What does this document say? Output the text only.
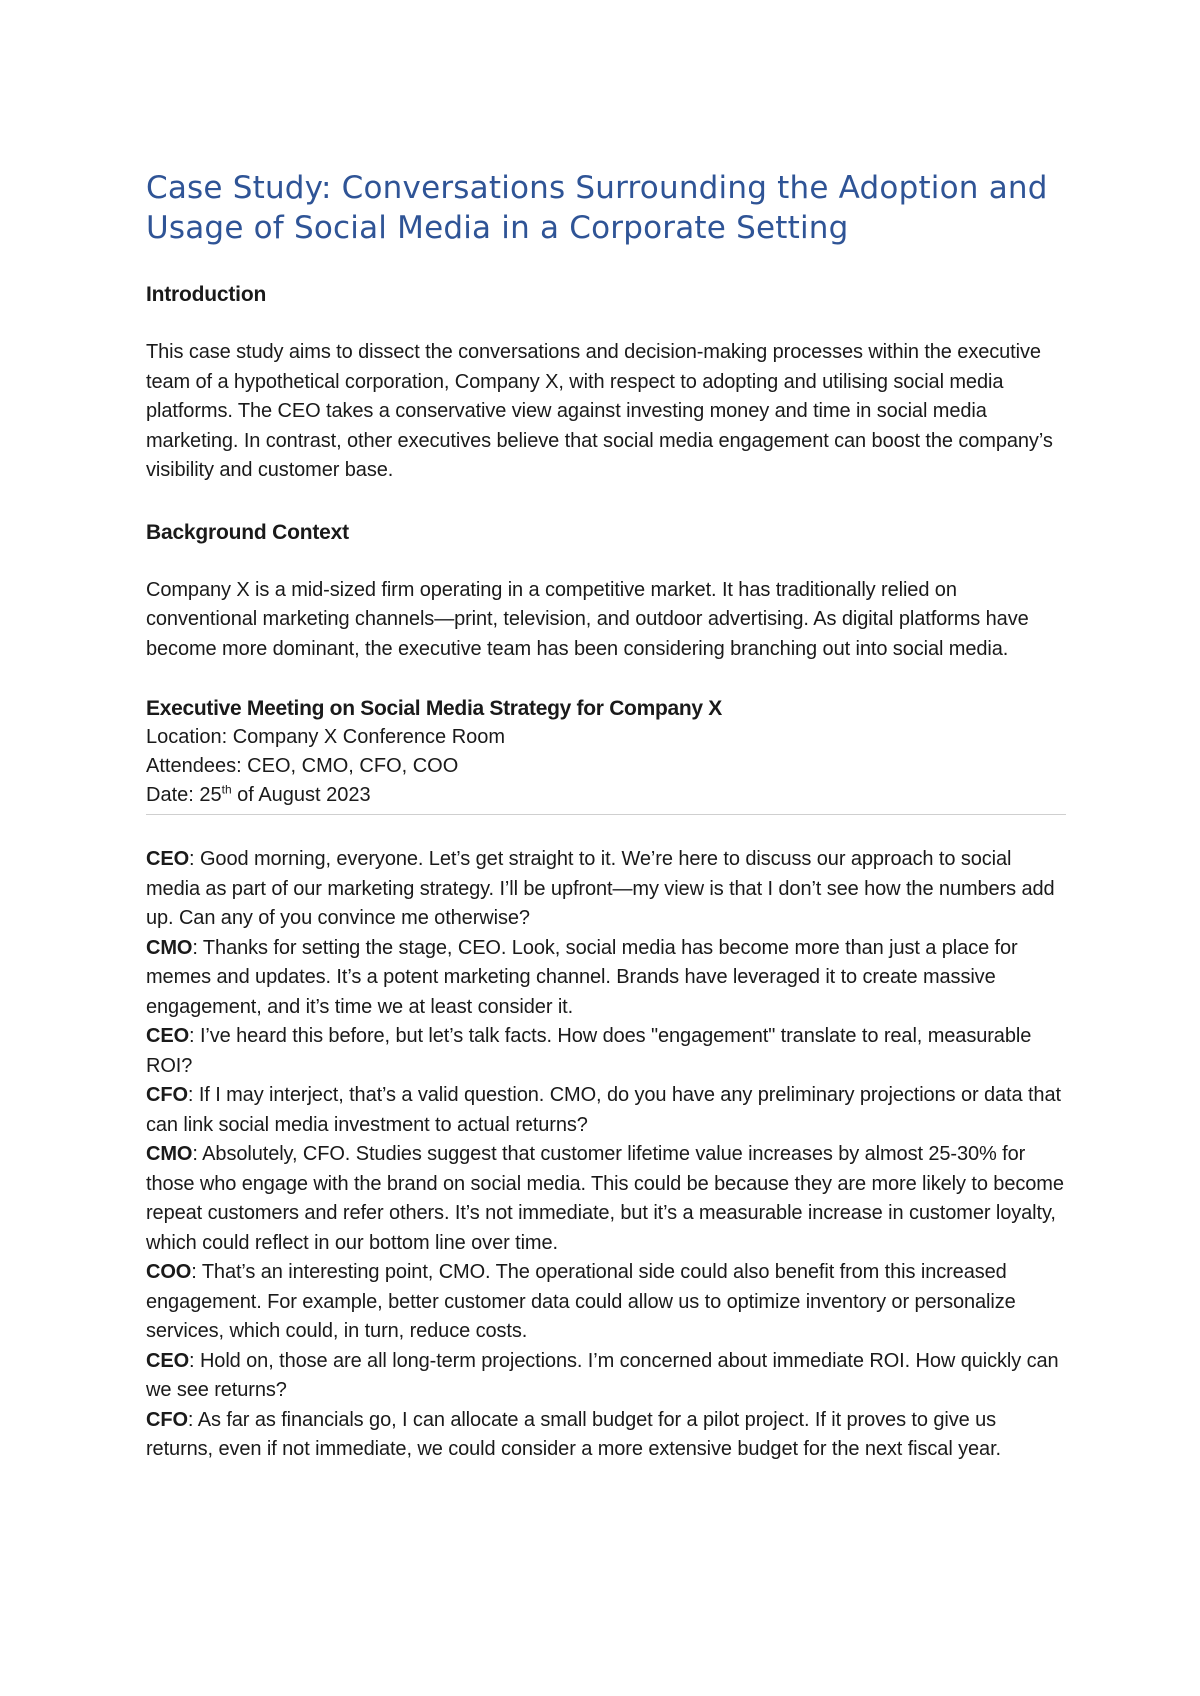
Case Study: Conversations Surrounding the Adoption and Usage of Social Media in a Corporate Setting
Introduction

This case study aims to dissect the conversations and decision-making processes within the executive team of a hypothetical corporation, Company X, with respect to adopting and utilising social media platforms. The CEO takes a conservative view against investing money and time in social media marketing. In contrast, other executives believe that social media engagement can boost the company’s visibility and customer base.

Background Context

Company X is a mid-sized firm operating in a competitive market. It has traditionally relied on conventional marketing channels—print, television, and outdoor advertising. As digital platforms have become more dominant, the executive team has been considering branching out into social media.

Executive Meeting on Social Media Strategy for Company X

Location: Company X Conference Room

Attendees: CEO, CMO, CFO, COO

Date: 25th of August 2023

CEO: Good morning, everyone. Let’s get straight to it. We’re here to discuss our approach to social media as part of our marketing strategy. I’ll be upfront—my view is that I don’t see how the numbers add up. Can any of you convince me otherwise?

CMO: Thanks for setting the stage, CEO. Look, social media has become more than just a place for memes and updates. It’s a potent marketing channel. Brands have leveraged it to create massive engagement, and it’s time we at least consider it.

CEO: I’ve heard this before, but let’s talk facts. How does "engagement" translate to real, measurable ROI?

CFO: If I may interject, that’s a valid question. CMO, do you have any preliminary projections or data that can link social media investment to actual returns?

CMO: Absolutely, CFO. Studies suggest that customer lifetime value increases by almost 25-30% for those who engage with the brand on social media. This could be because they are more likely to become repeat customers and refer others. It’s not immediate, but it’s a measurable increase in customer loyalty, which could reflect in our bottom line over time.

COO: That’s an interesting point, CMO. The operational side could also benefit from this increased engagement. For example, better customer data could allow us to optimize inventory or personalize services, which could, in turn, reduce costs.

CEO: Hold on, those are all long-term projections. I’m concerned about immediate ROI. How quickly can we see returns?

CFO: As far as financials go, I can allocate a small budget for a pilot project. If it proves to give us returns, even if not immediate, we could consider a more extensive budget for the next fiscal year.
